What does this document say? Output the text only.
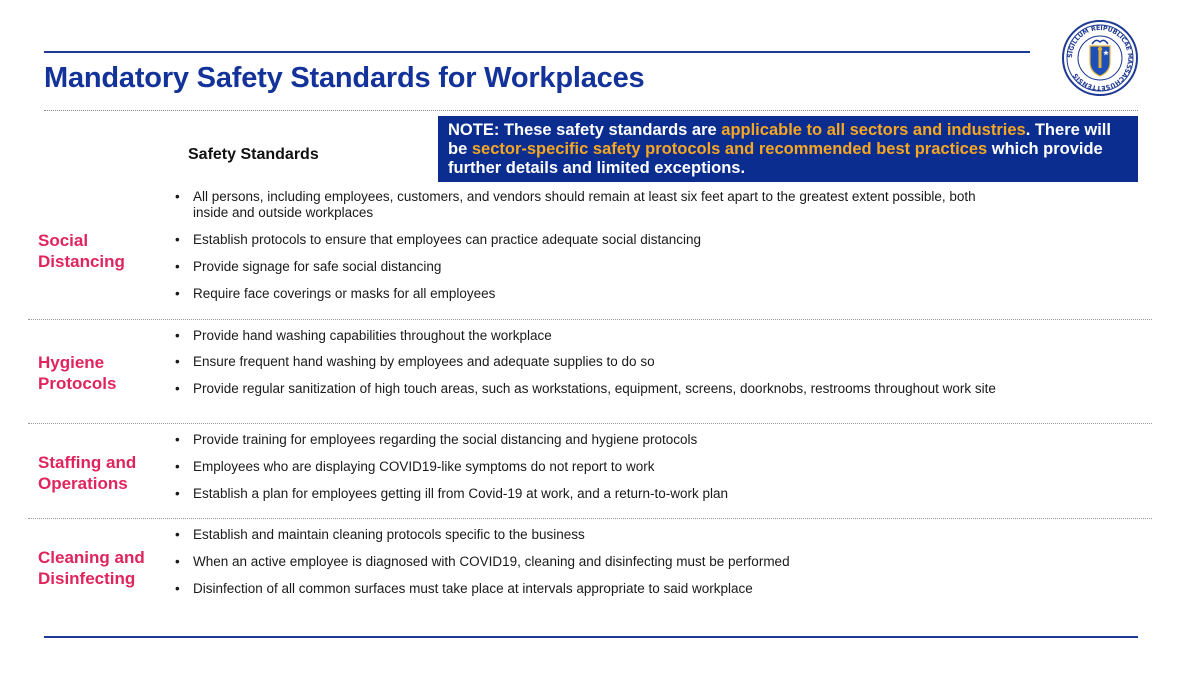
Mandatory Safety Standards for Workplaces
SIGILLUM REIPUBLICAE MASSACHUSETTENSIS
Safety Standards
NOTE: These safety standards are applicable to all sectors and industries. There will be sector-specific safety protocols and recommended best practices which provide further details and limited exceptions.
Social Distancing
• All persons, including employees, customers, and vendors should remain at least six feet apart to the greatest extent possible, both inside and outside workplaces
• Establish protocols to ensure that employees can practice adequate social distancing
• Provide signage for safe social distancing
• Require face coverings or masks for all employees
Hygiene Protocols
• Provide hand washing capabilities throughout the workplace
• Ensure frequent hand washing by employees and adequate supplies to do so
• Provide regular sanitization of high touch areas, such as workstations, equipment, screens, doorknobs, restrooms throughout work site
Staffing and Operations
• Provide training for employees regarding the social distancing and hygiene protocols
• Employees who are displaying COVID19-like symptoms do not report to work
• Establish a plan for employees getting ill from Covid-19 at work, and a return-to-work plan
Cleaning and Disinfecting
• Establish and maintain cleaning protocols specific to the business
• When an active employee is diagnosed with COVID19, cleaning and disinfecting must be performed
• Disinfection of all common surfaces must take place at intervals appropriate to said workplace
